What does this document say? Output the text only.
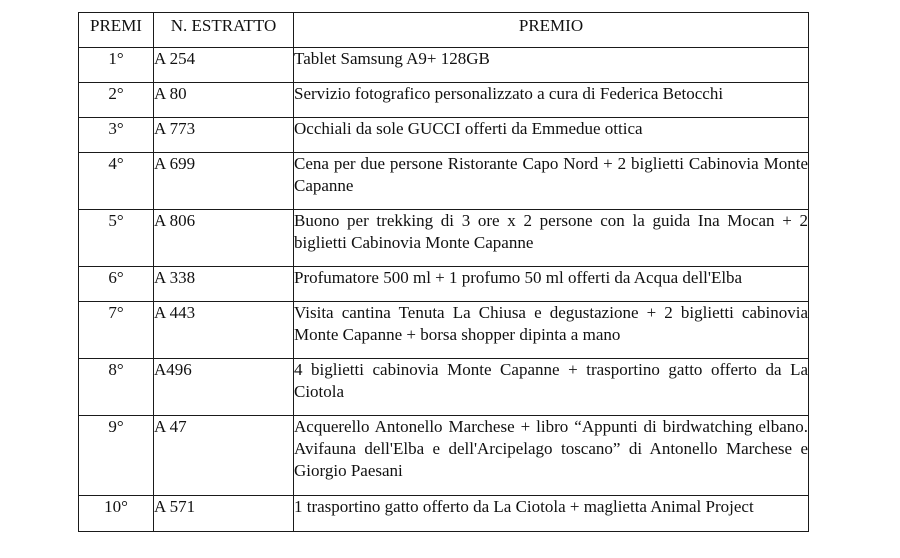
PREMI	N. ESTRATTO	PREMIO
1°	A 254	Tablet Samsung A9+ 128GB
2°	A 80	Servizio fotografico personalizzato a cura di Federica Betocchi
3°	A 773	Occhiali da sole GUCCI offerti da Emmedue ottica
4°	A 699	Cena per due persone Ristorante Capo Nord + 2 biglietti Cabinovia Monte Capanne
5°	A 806	Buono per trekking di 3 ore x 2 persone con la guida Ina Mocan + 2 biglietti Cabinovia Monte Capanne
6°	A 338	Profumatore 500 ml + 1 profumo 50 ml offerti da Acqua dell'Elba
7°	A 443	Visita cantina Tenuta La Chiusa e degustazione + 2 biglietti cabinovia Monte Capanne + borsa shopper dipinta a mano
8°	A496	4 biglietti cabinovia Monte Capanne + trasportino gatto offerto da La Ciotola
9°	A 47	Acquerello Antonello Marchese + libro “Appunti di birdwatching elbano. Avifauna dell'Elba e dell'Arcipelago toscano” di Antonello Marchese e Giorgio Paesani
10°	A 571	1 trasportino gatto offerto da La Ciotola + maglietta Animal Project
